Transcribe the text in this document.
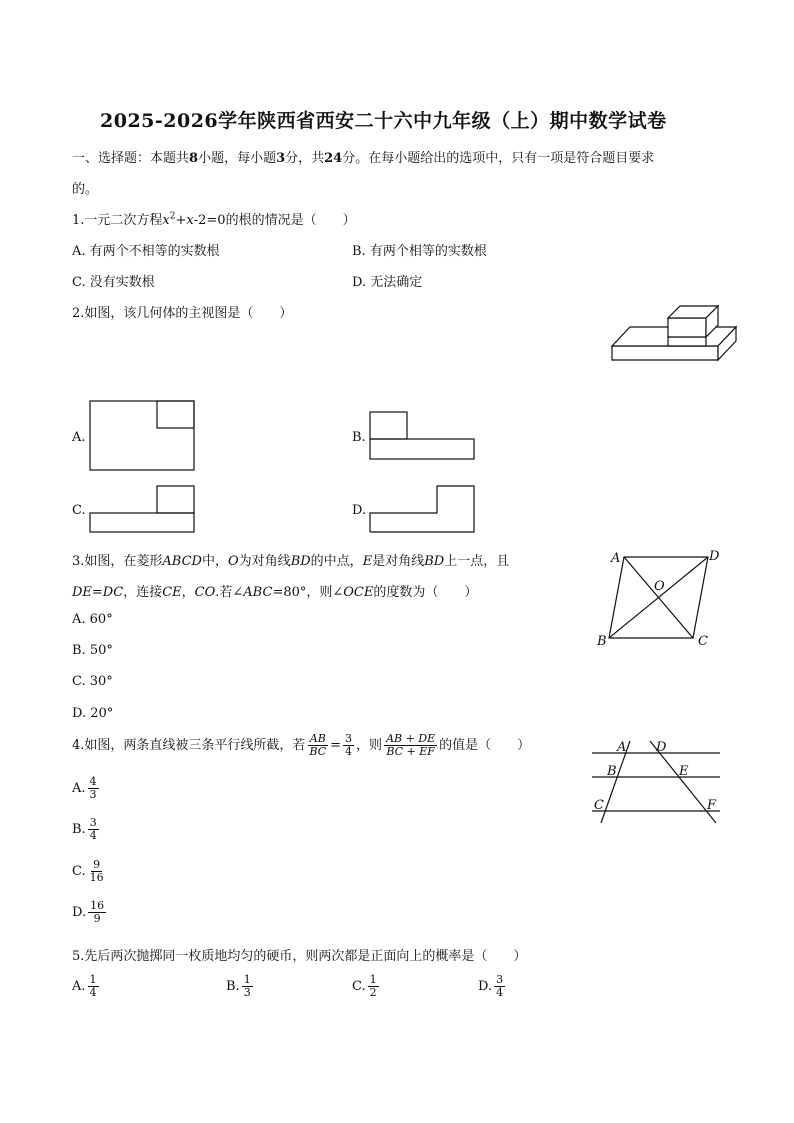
2025-2026学年陕西省西安二十六中九年级（上）期中数学试卷
一、选择题：本题共8小题，每小题3分，共24分。在每小题给出的选项中，只有一项是符合题目要求
的。
1.一元二次方程$x^2+x-2=0$的根的情况是（　　）
A. 有两个不相等的实数根	B. 有两个相等的实数根
C. 没有实数根	D. 无法确定
2.如图，该几何体的主视图是（　　）
A.	B.
C.	D.
3.如图，在菱形ABCD中，O为对角线BD的中点，E是对角线BD上一点，且
DE=DC，连接CE，CO.若∠ABC=80°，则∠OCE的度数为（　　）
A. 60°
B. 50°
C. 30°
D. 20°
A	D
O
B	C
4.如图，两条直线被三条平行线所截，若 $\frac{AB}{BC} = \frac{3}{4}$ ，则 $\frac{AB + DE}{BC + EF}$ 的值是（　　）
A. $\frac{4}{3}$
B. $\frac{3}{4}$
C. $\frac{9}{16}$
D. $\frac{16}{9}$
A D
B	E
C	F
5.先后两次抛掷同一枚质地均匀的硬币，则两次都是正面向上的概率是（　　）
A. $\frac{1}{4}$	B. $\frac{1}{3}$	C. $\frac{1}{2}$	D. $\frac{3}{4}$
